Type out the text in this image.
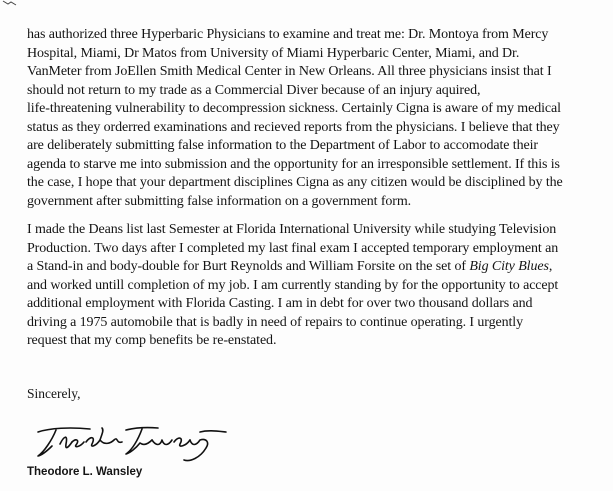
has authorized three Hyperbaric Physicians to examine and treat me: Dr. Montoya from Mercy
Hospital, Miami, Dr Matos from University of Miami Hyperbaric Center, Miami, and Dr.
VanMeter from JoEllen Smith Medical Center in New Orleans. All three physicians insist that I
should not return to my trade as a Commercial Diver because of an injury aquired,
life-threatening vulnerability to decompression sickness. Certainly Cigna is aware of my medical
status as they orderred examinations and recieved reports from the physicians. I believe that they
are deliberately submitting false information to the Department of Labor to accomodate their
agenda to starve me into submission and the opportunity for an irresponsible settlement. If this is
the case, I hope that your department disciplines Cigna as any citizen would be disciplined by the
government after submitting false information on a government form.
I made the Deans list last Semester at Florida International University while studying Television
Production. Two days after I completed my last final exam I accepted temporary employment an
a Stand-in and body-double for Burt Reynolds and William Forsite on the set of Big City Blues,
and worked untill completion of my job. I am currently standing by for the opportunity to accept
additional employment with Florida Casting. I am in debt for over two thousand dollars and
driving a 1975 automobile that is badly in need of repairs to continue operating. I urgently
request that my comp benefits be re-enstated.

Sincerely,

Theodore L. Wansley
